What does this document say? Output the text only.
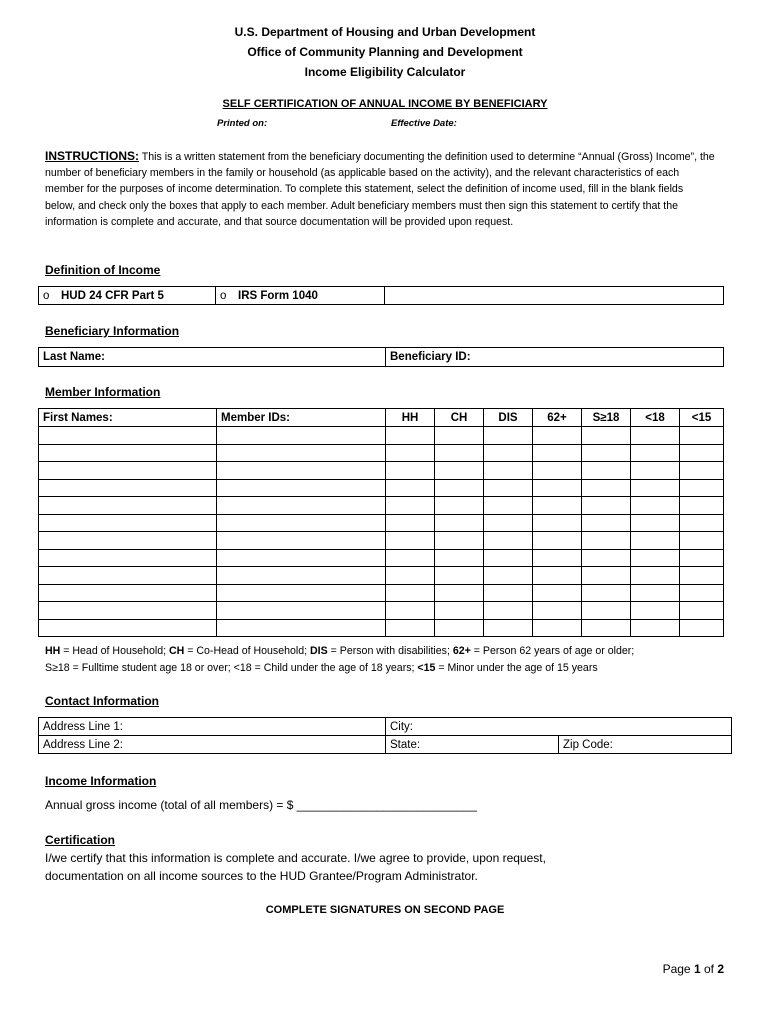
U.S. Department of Housing and Urban Development
Office of Community Planning and Development
Income Eligibility Calculator
SELF CERTIFICATION OF ANNUAL INCOME BY BENEFICIARY
Printed on:	Effective Date:
INSTRUCTIONS: This is a written statement from the beneficiary documenting the definition used to determine “Annual (Gross) Income”, the number of beneficiary members in the family or household (as applicable based on the activity), and the relevant characteristics of each member for the purposes of income determination. To complete this statement, select the definition of income used, fill in the blank fields below, and check only the boxes that apply to each member. Adult beneficiary members must then sign this statement to certify that the information is complete and accurate, and that source documentation will be provided upon request.
Definition of Income
o HUD 24 CFR Part 5	o IRS Form 1040	
Beneficiary Information
Last Name:	Beneficiary ID:
Member Information
First Names:	Member IDs:	HH	CH	DIS	62+	S≥18	<18	<15

HH = Head of Household; CH = Co-Head of Household; DIS = Person with disabilities; 62+ = Person 62 years of age or older;
S≥18 = Fulltime student age 18 or over; <18 = Child under the age of 18 years; <15 = Minor under the age of 15 years
Contact Information
Address Line 1:	City:	
Address Line 2:	State:	Zip Code:
Income Information
Annual gross income (total of all members) = $ ___________________________
Certification
I/we certify that this information is complete and accurate. I/we agree to provide, upon request,
documentation on all income sources to the HUD Grantee/Program Administrator.
COMPLETE SIGNATURES ON SECOND PAGE
Page 1 of 2
